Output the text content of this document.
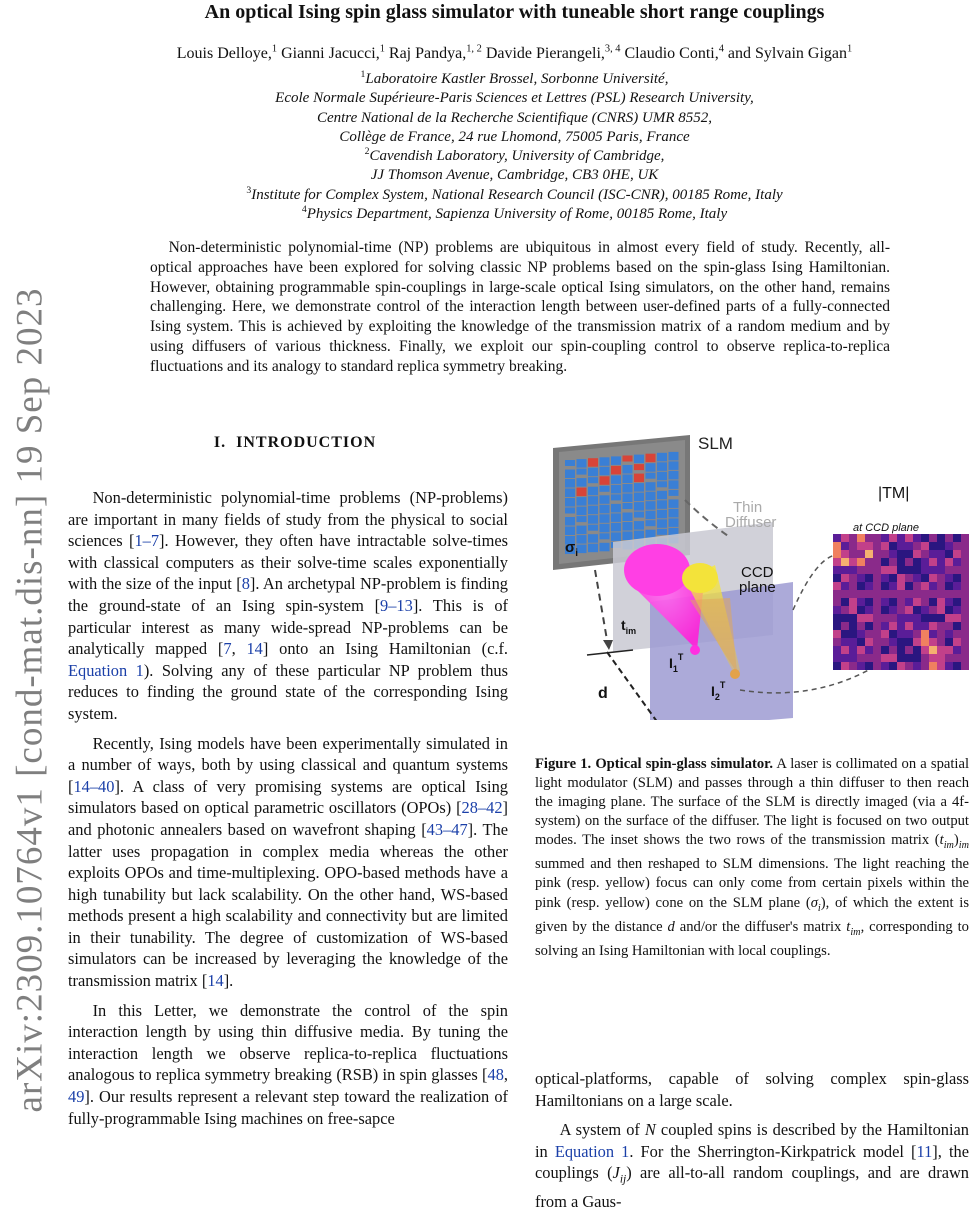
arXiv:2309.10764v1 [cond-mat.dis-nn] 19 Sep 2023
An optical Ising spin glass simulator with tuneable short range couplings
Louis Delloye,$^1$ Gianni Jacucci,$^1$ Raj Pandya,$^{1, 2}$ Davide Pierangeli,$^{3, 4}$ Claudio Conti,$^4$ and Sylvain Gigan$^1$
$^1$Laboratoire Kastler Brossel, Sorbonne Université,
Ecole Normale Supérieure-Paris Sciences et Lettres (PSL) Research University,
Centre National de la Recherche Scientifique (CNRS) UMR 8552,
Collège de France, 24 rue Lhomond, 75005 Paris, France
$^2$Cavendish Laboratory, University of Cambridge,
JJ Thomson Avenue, Cambridge, CB3 0HE, UK
$^3$Institute for Complex System, National Research Council (ISC-CNR), 00185 Rome, Italy
$^4$Physics Department, Sapienza University of Rome, 00185 Rome, Italy

Non-deterministic polynomial-time (NP) problems are ubiquitous in almost every field of study. Recently, all-optical approaches have been explored for solving classic NP problems based on the spin-glass Ising Hamiltonian. However, obtaining programmable spin-couplings in large-scale optical Ising simulators, on the other hand, remains challenging. Here, we demonstrate control of the interaction length between user-defined parts of a fully-connected Ising system. This is achieved by exploiting the knowledge of the transmission matrix of a random medium and by using diffusers of various thickness. Finally, we exploit our spin-coupling control to observe replica-to-replica fluctuations and its analogy to standard replica symmetry breaking.

I. INTRODUCTION

Non-deterministic polynomial-time problems (NP-problems) are important in many fields of study from the physical to social sciences [1–7]. However, they often have intractable solve-times with classical computers as their solve-time scales exponentially with the size of the input [8]. An archetypal NP-problem is finding the ground-state of an Ising spin-system [9–13]. This is of particular interest as many wide-spread NP-problems can be analytically mapped [7, 14] onto an Ising Hamiltonian (c.f. Equation 1). Solving any of these particular NP problem thus reduces to finding the ground state of the corresponding Ising system.

Recently, Ising models have been experimentally simulated in a number of ways, both by using classical and quantum systems [14–40]. A class of very promising systems are optical Ising simulators based on optical parametric oscillators (OPOs) [28–42] and photonic annealers based on wavefront shaping [43–47]. The latter uses propagation in complex media whereas the other exploits OPOs and time-multiplexing. OPO-based methods have a high tunability but lack scalability. On the other hand, WS-based methods present a high scalability and connectivity but are limited in their tunability. The degree of customization of WS-based simulators can be increased by leveraging the knowledge of the transmission matrix [14].

In this Letter, we demonstrate the control of the spin interaction length by using thin diffusive media. By tuning the interaction length we observe replica-to-replica fluctuations analogous to replica symmetry breaking (RSB) in spin glasses [48, 49]. Our results represent a relevant step toward the realization of fully-programmable Ising machines on free-sapce

SLM
$\sigma_i$
Thin
Diffuser
$t_{im}$
CCD
plane
$I_1^T$
$I_2^T$
d
|TM|
at CCD plane
Figure 1. Optical spin-glass simulator. A laser is collimated on a spatial light modulator (SLM) and passes through a thin diffuser to then reach the imaging plane. The surface of the SLM is directly imaged (via a 4f-system) on the surface of the diffuser. The light is focused on two output modes. The inset shows the two rows of the transmission matrix $(t_{im})_{im}$ summed and then reshaped to SLM dimensions. The light reaching the pink (resp. yellow) focus can only come from certain pixels within the pink (resp. yellow) cone on the SLM plane $(\sigma_i)$, of which the extent is given by the distance d and/or the diffuser's matrix $t_{im}$, corresponding to solving an Ising Hamiltonian with local couplings.

optical-platforms, capable of solving complex spin-glass Hamiltonians on a large scale.

A system of N coupled spins is described by the Hamiltonian in Equation 1. For the Sherrington-Kirkpatrick model [11], the couplings $(J_{ij})$ are all-to-all random couplings, and are drawn from a Gaus-
